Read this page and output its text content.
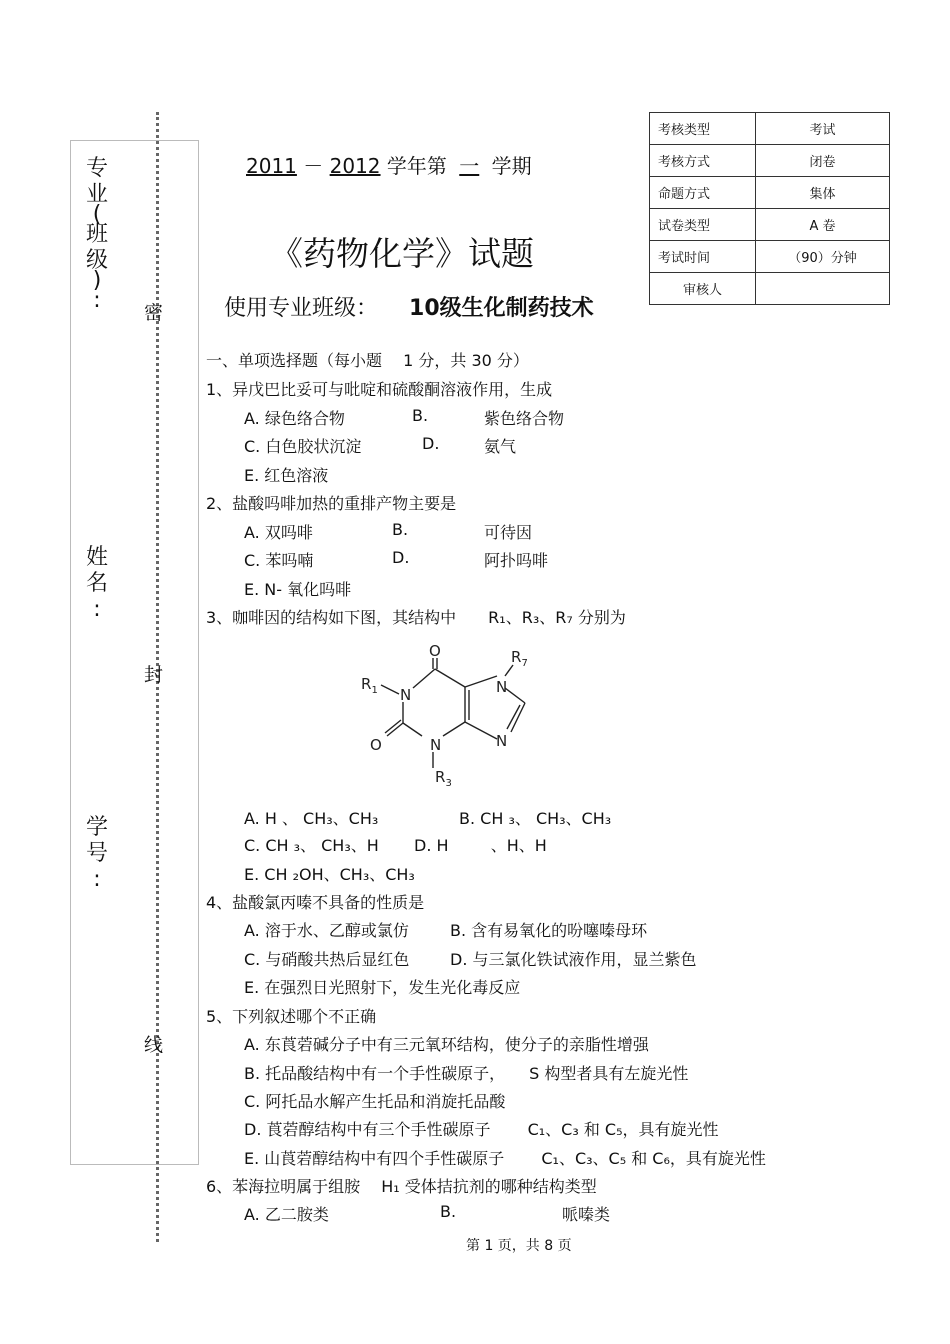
专
业
(
班
级
)
:
姓
名
:
学
号
:
密
封
线
考核类型	考试
考核方式	闭卷
命题方式	集体
试卷类型	A 卷
考试时间	（90）分钟
审核人	
2011 － 2012 学年第 一 学期
《药物化学》试题
使用专业班级： 10级生化制药技术
一、单项选择题（每小题　 1 分，共 30 分）
1、异戊巴比妥可与吡啶和硫酸酮溶液作用，生成
A. 绿色络合物	B.	紫色络合物
C. 白色胶状沉淀	D.	氨气
E. 红色溶液
2、盐酸吗啡加热的重排产物主要是
A. 双吗啡	B.	可待因
C. 苯吗喃	D.	阿扑吗啡
E. N- 氧化吗啡
3、咖啡因的结构如下图，其结构中　　R₁、R₃、R₇ 分别为
O
O
N
N
N
N
$R_1$
$R_3$
$R_7$
A. H 、 CH₃、CH₃	B. CH ₃、 CH₃、CH₃
C. CH ₃、 CH₃、H D. H 　　 、H、H
E. CH ₂OH、CH₃、CH₃
4、盐酸氯丙嗪不具备的性质是
A. 溶于水、乙醇或氯仿	B. 含有易氧化的吩噻嗪母环
C. 与硝酸共热后显红色	D. 与三氯化铁试液作用，显兰紫色
E. 在强烈日光照射下，发生光化毒反应
5、下列叙述哪个不正确
A. 东莨菪碱分子中有三元氧环结构，使分子的亲脂性增强
B. 托品酸结构中有一个手性碳原子，　　S 构型者具有左旋光性
C. 阿托品水解产生托品和消旋托品酸
D. 莨菪醇结构中有三个手性碳原子　　 C₁、C₃ 和 C₅，具有旋光性
E. 山莨菪醇结构中有四个手性碳原子　　 C₁、C₃、C₅ 和 C₆，具有旋光性
6、苯海拉明属于组胺　 H₁ 受体拮抗剂的哪种结构类型
A. 乙二胺类	B.	哌嗪类
第 1 页，共 8 页
